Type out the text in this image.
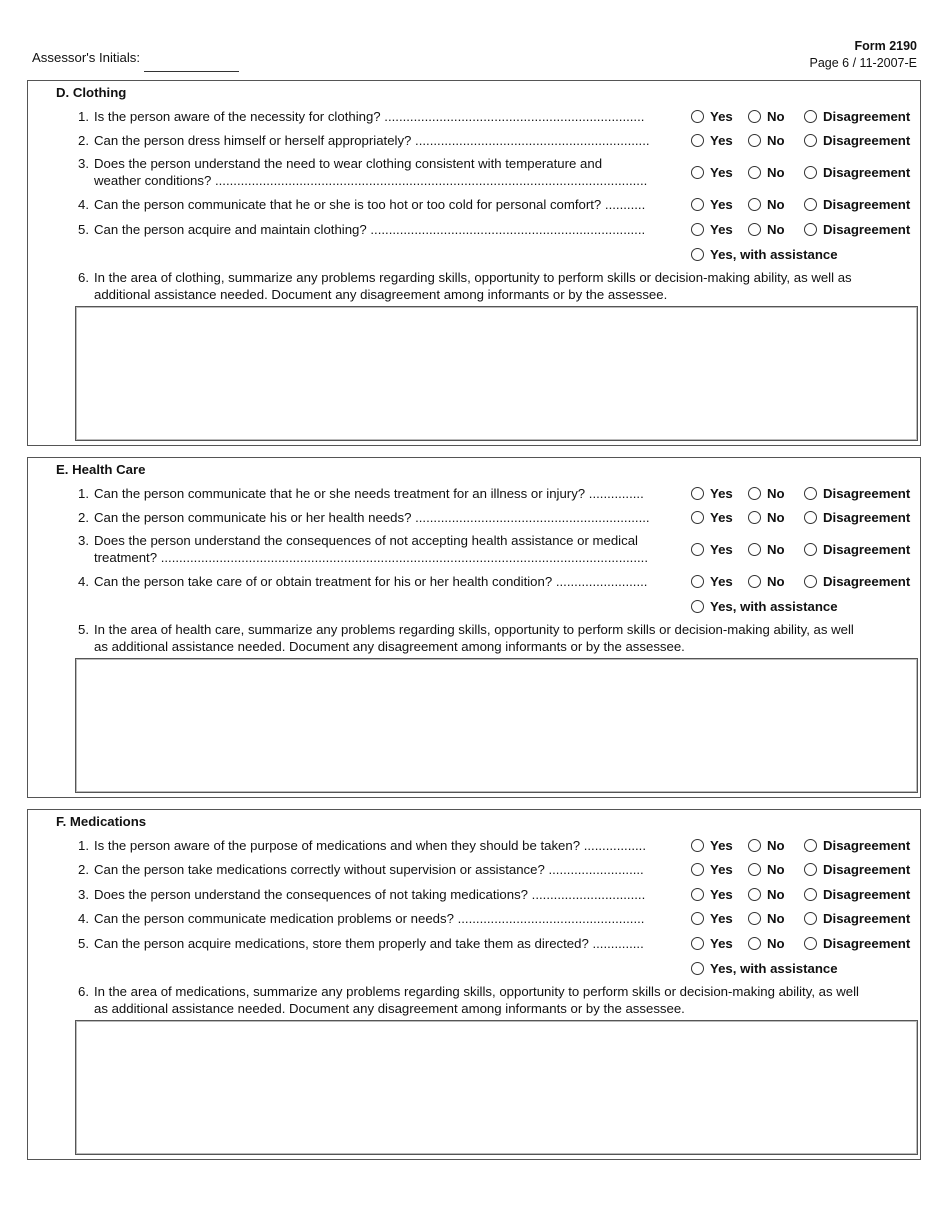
Assessor's Initials:
Form 2190
Page 6 / 11-2007-E
D. Clothing
1. Is the person aware of the necessity for clothing? .......................................................................	Yes	No	Disagreement
2. Can the person dress himself or herself appropriately? ................................................................	Yes	No	Disagreement
3. Does the person understand the need to wear clothing consistent with temperature and
weather conditions? ......................................................................................................................	Yes	No	Disagreement
4. Can the person communicate that he or she is too hot or too cold for personal comfort? ...........	Yes	No	Disagreement
5. Can the person acquire and maintain clothing? ...........................................................................	Yes	No	Disagreement
Yes, with assistance
6. In the area of clothing, summarize any problems regarding skills, opportunity to perform skills or decision-making ability, as well as
additional assistance needed. Document any disagreement among informants or by the assessee.
E. Health Care
1. Can the person communicate that he or she needs treatment for an illness or injury? ...............	Yes	No	Disagreement
2. Can the person communicate his or her health needs? ................................................................	Yes	No	Disagreement
3. Does the person understand the consequences of not accepting health assistance or medical
treatment? .....................................................................................................................................	Yes	No	Disagreement
4. Can the person take care of or obtain treatment for his or her health condition? .........................	Yes	No	Disagreement
Yes, with assistance
5. In the area of health care, summarize any problems regarding skills, opportunity to perform skills or decision-making ability, as well
as additional assistance needed. Document any disagreement among informants or by the assessee.
F. Medications
1. Is the person aware of the purpose of medications and when they should be taken? .................	Yes	No	Disagreement
2. Can the person take medications correctly without supervision or assistance? ..........................	Yes	No	Disagreement
3. Does the person understand the consequences of not taking medications? ...............................	Yes	No	Disagreement
4. Can the person communicate medication problems or needs? ...................................................	Yes	No	Disagreement
5. Can the person acquire medications, store them properly and take them as directed? ..............	Yes	No	Disagreement
Yes, with assistance
6. In the area of medications, summarize any problems regarding skills, opportunity to perform skills or decision-making ability, as well
as additional assistance needed. Document any disagreement among informants or by the assessee.
